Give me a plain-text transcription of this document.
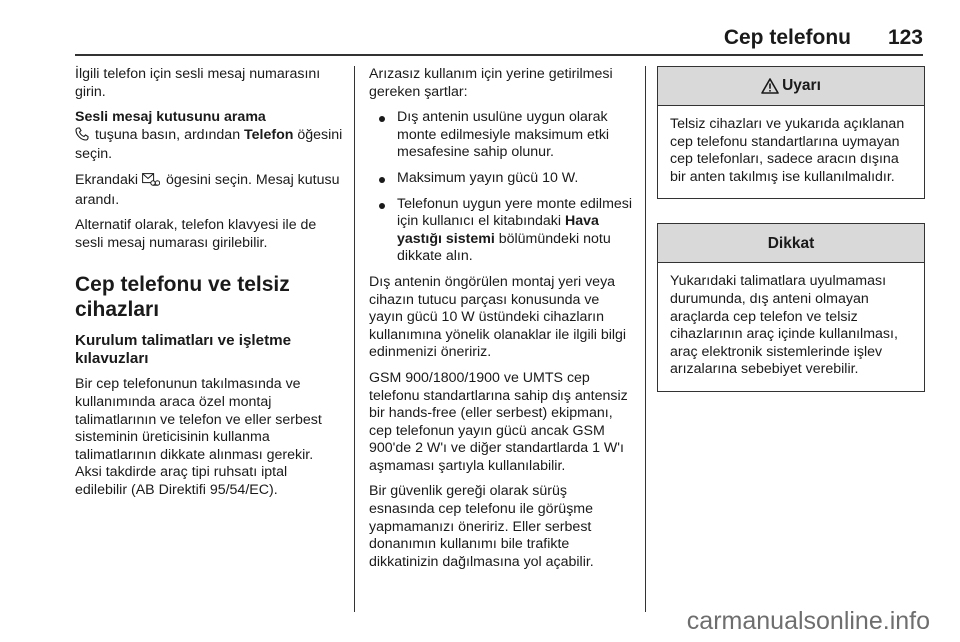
Cep telefonu 123

İlgili telefon için sesli mesaj numarasını girin.

Sesli mesaj kutusunu arama

tuşuna basın, ardından Telefon öğesini seçin.

Ekrandaki  ögesini seçin. Mesaj kutusu arandı.

Alternatif olarak, telefon klavyesi ile de sesli mesaj numarası girilebilir.

Cep telefonu ve telsiz cihazları
Kurulum talimatları ve işletme kılavuzları

Bir cep telefonunun takılmasında ve kullanımında araca özel montaj talimatlarının ve telefon ve eller serbest sisteminin üreticisinin kullanma talimatlarının dikkate alınması gerekir. Aksi takdirde araç tipi ruhsatı iptal edilebilir (AB Direktifi 95/54/EC).

Arızasız kullanım için yerine getirilmesi gereken şartlar:

Dış antenin usulüne uygun olarak monte edilmesiyle maksimum etki mesafesine sahip olunur.
Maksimum yayın gücü 10 W.
Telefonun uygun yere monte edilmesi için kullanıcı el kitabındaki Hava yastığı sistemi bölümündeki notu dikkate alın.

Dış antenin öngörülen montaj yeri veya cihazın tutucu parçası konusunda ve yayın gücü 10 W üstündeki cihazların kullanımına yönelik olanaklar ile ilgili bilgi edinmenizi öneririz.

GSM 900/1800/1900 ve UMTS cep telefonu standartlarına sahip dış antensiz bir hands-free (eller serbest) ekipmanı, cep telefonun yayın gücü ancak GSM 900'de 2 W'ı ve diğer standartlarda 1 W'ı aşmaması şartıyla kullanılabilir.

Bir güvenlik gereği olarak sürüş esnasında cep telefonu ile görüşme yapmamanızı öneririz. Eller serbest donanımın kullanımı bile trafikte dikkatinizin dağılmasına yol açabilir.

Uyarı

Telsiz cihazları ve yukarıda açıklanan cep telefonu standartlarına uymayan cep telefonları, sadece aracın dışına bir anten takılmış ise kullanılmalıdır.

Dikkat

Yukarıdaki talimatlara uyulmaması durumunda, dış anteni olmayan araçlarda cep telefon ve telsiz cihazlarının araç içinde kullanılması, araç elektronik sistemlerinde işlev arızalarına sebebiyet verebilir.

carmanualsonline.info
